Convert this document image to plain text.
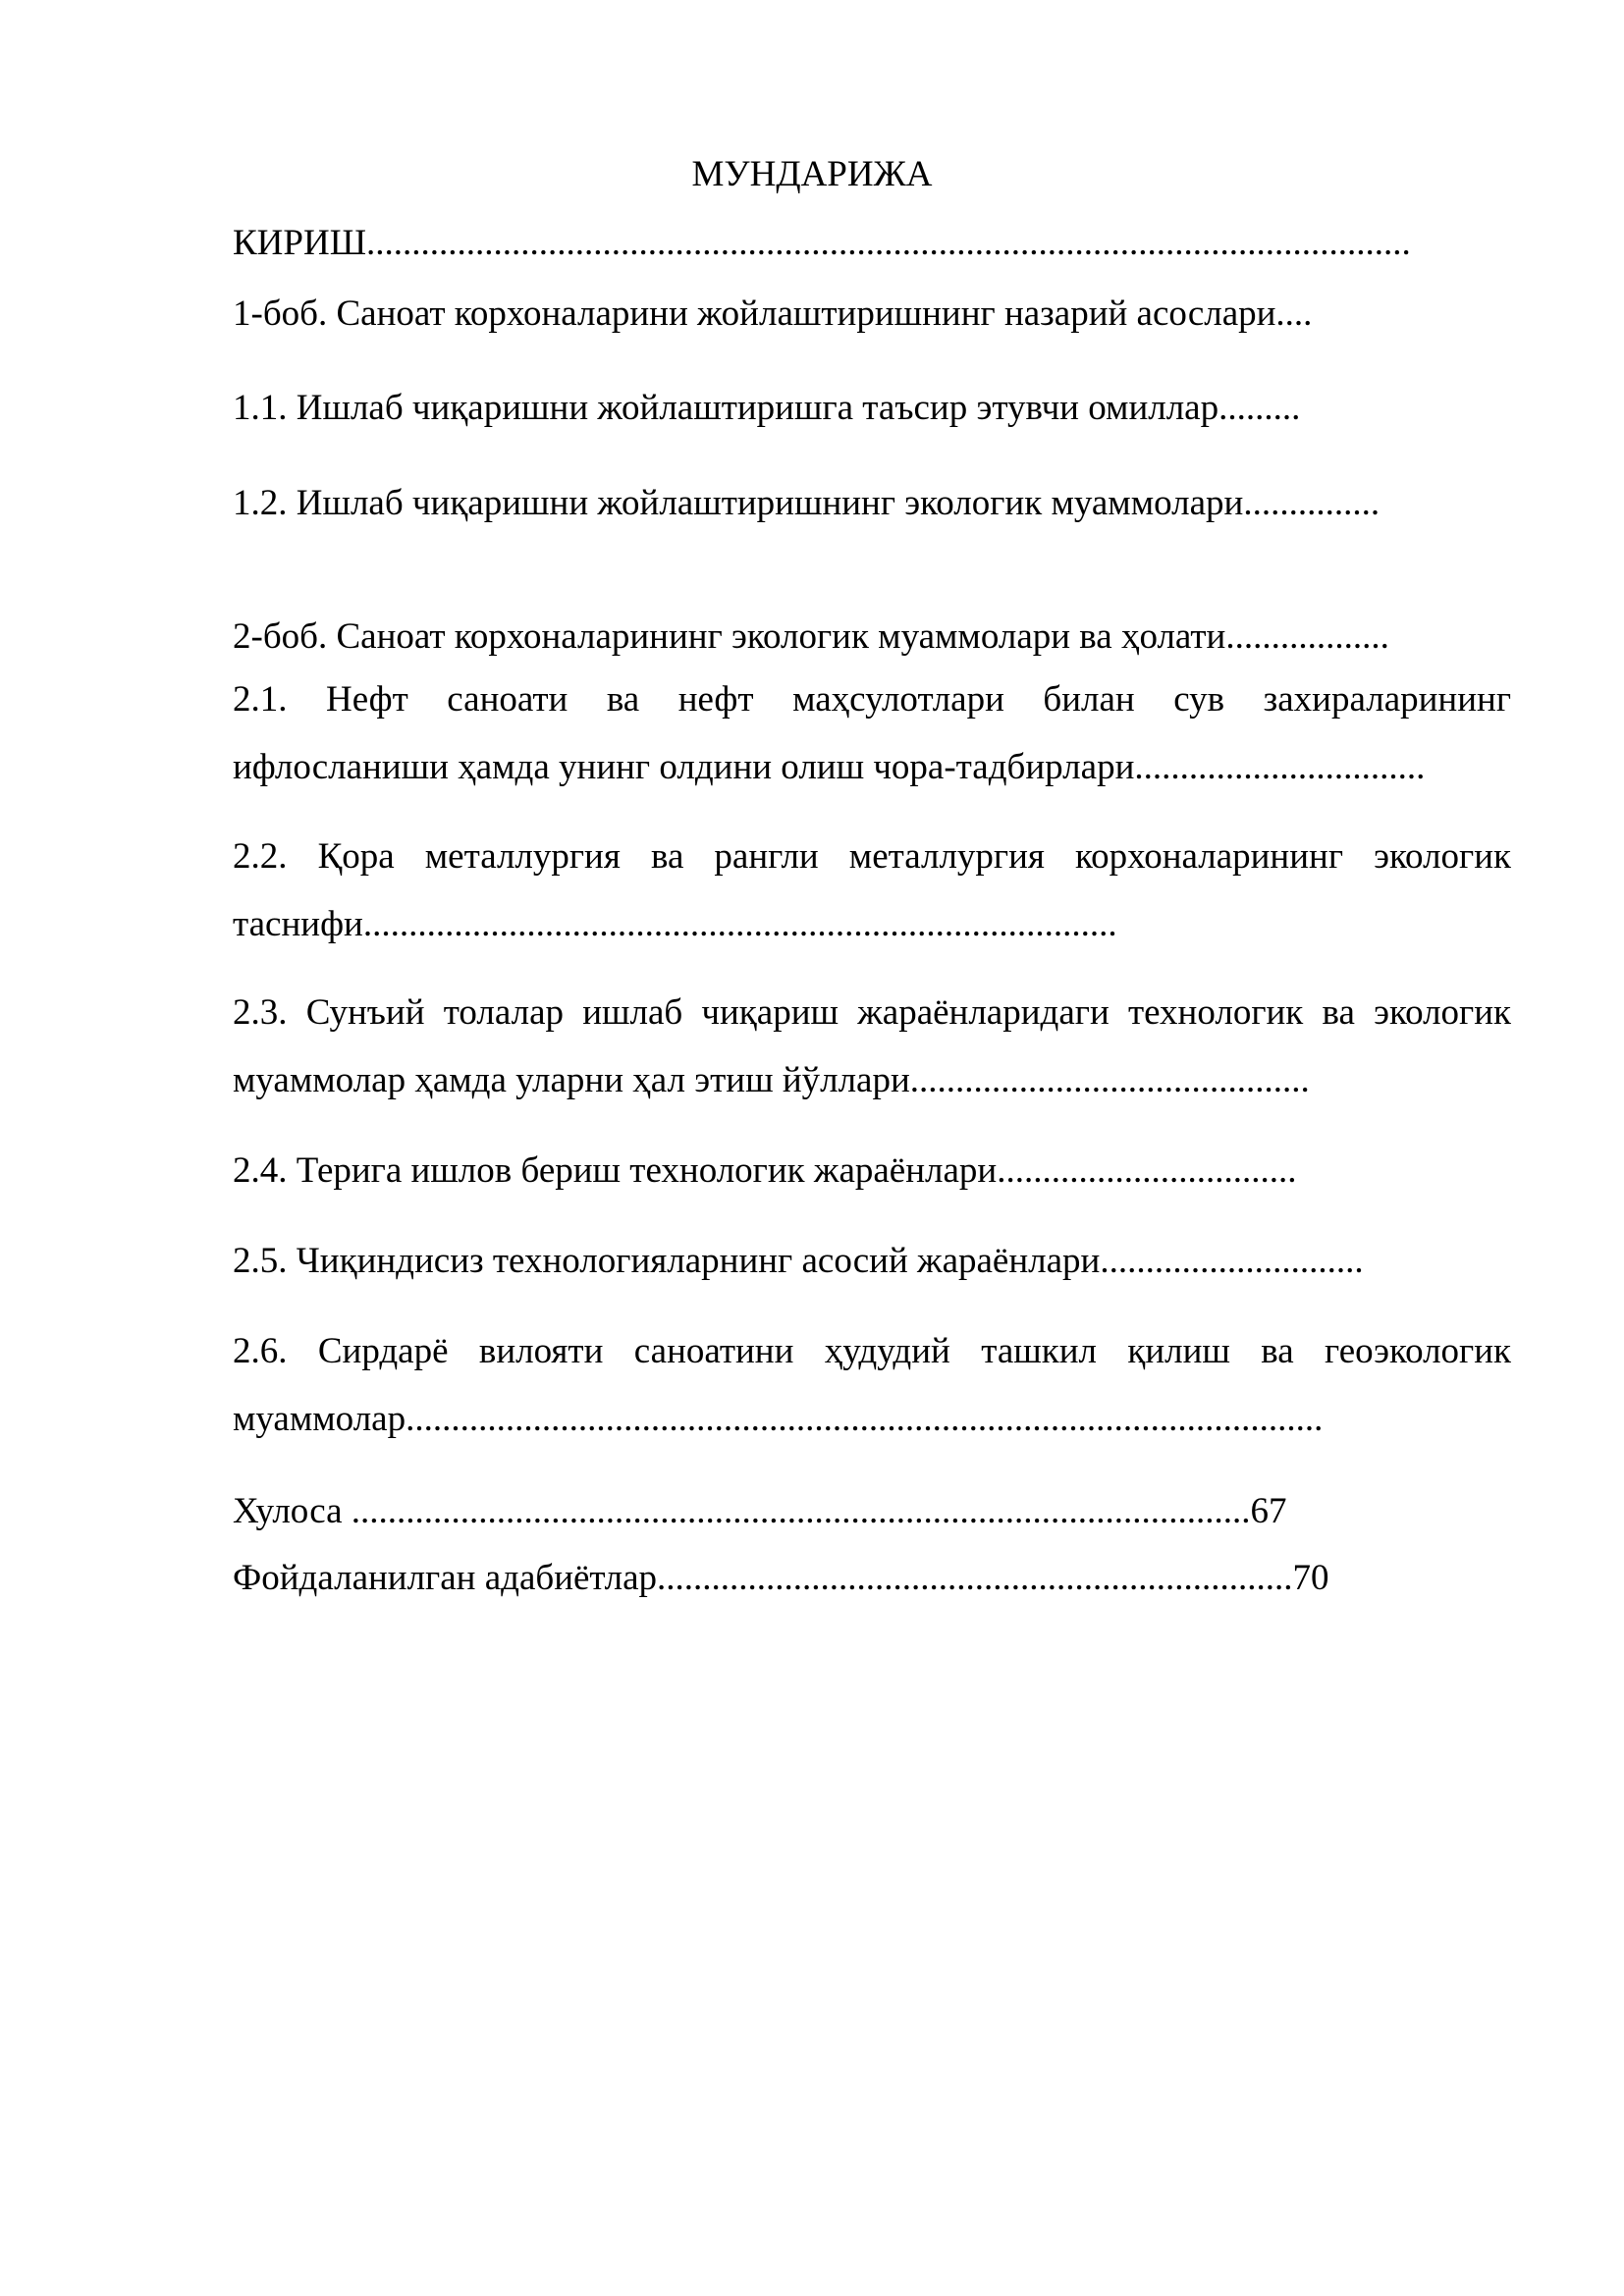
МУНДАРИЖА
КИРИШ...................................................................................................................
1-боб. Саноат корхоналарини жойлаштиришнинг назарий асослари....
1.1. Ишлаб чиқаришни жойлаштиришга таъсир этувчи омиллар.........
1.2. Ишлаб чиқаришни жойлаштиришнинг экологик муаммолари...............
2-боб. Саноат корхоналарининг экологик муаммолари ва ҳолати..................
2.1. Нефт саноати ва нефт маҳсулотлари билан сув захираларининг
ифлосланиши ҳамда унинг олдини олиш чора-тадбирлари................................
2.2. Қора металлургия ва рангли металлургия корхоналарининг экологик
таснифи...................................................................................
2.3. Сунъий толалар ишлаб чиқариш жараёнларидаги технологик ва экологик
муаммолар ҳамда уларни ҳал этиш йўллари............................................
2.4. Терига ишлов бериш технологик жараёнлари.................................
2.5. Чиқиндисиз технологияларнинг асосий жараёнлари.............................
2.6. Сирдарё вилояти саноатини ҳудудий ташкил қилиш ва геоэкологик
муаммолар.....................................................................................................
Хулоса ...................................................................................................67
Фойдаланилган адабиётлар......................................................................70
